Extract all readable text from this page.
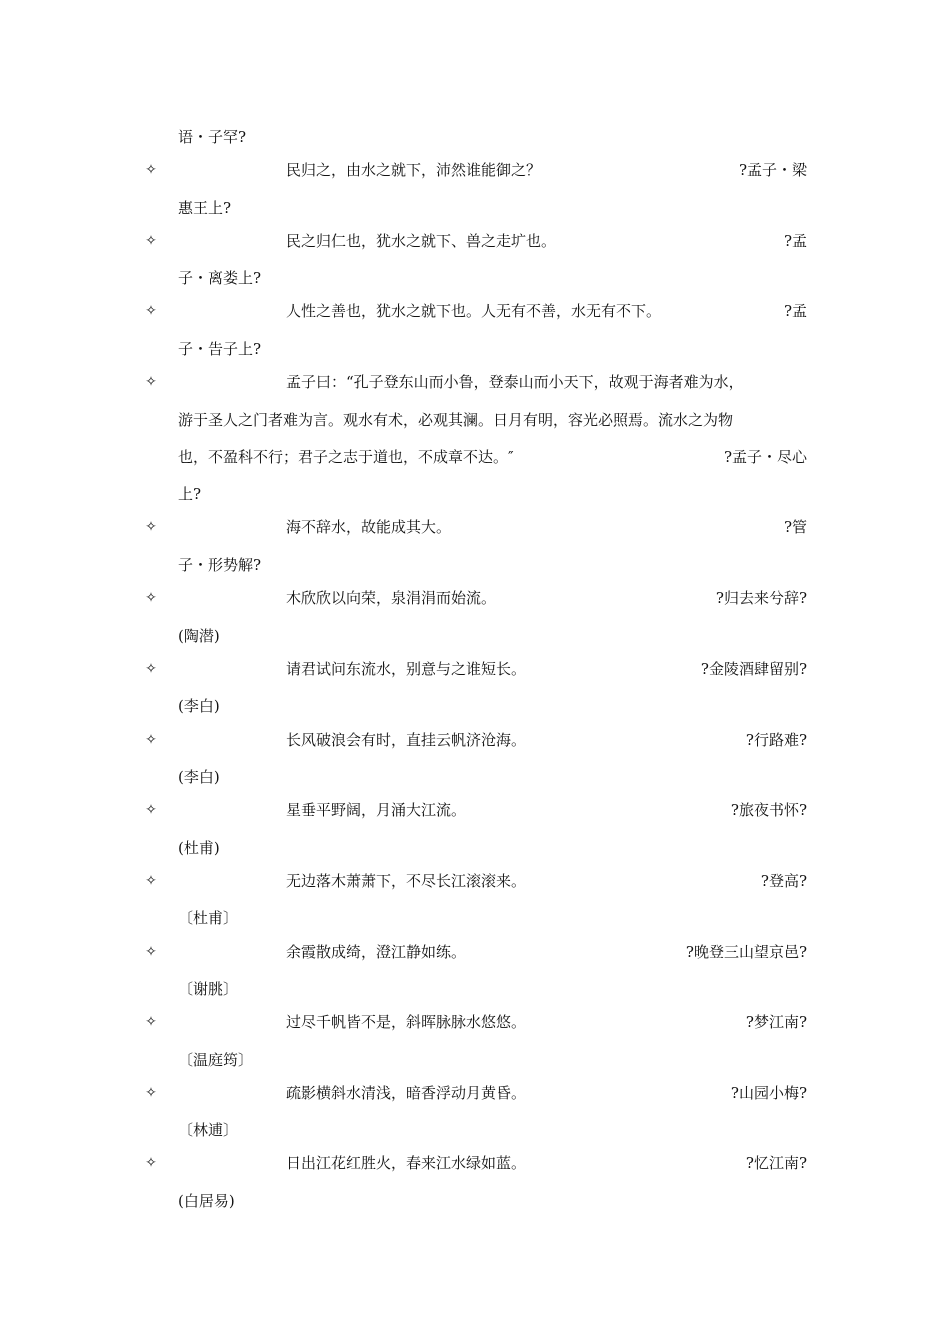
语・子罕?
✧	民归之，由水之就下，沛然谁能御之？	?孟子・梁
惠王上?
✧	民之归仁也，犹水之就下、兽之走圹也。	?孟
子・离娄上?
✧	人性之善也，犹水之就下也。人无有不善，水无有不下。	?孟
子・告子上?
✧	孟子曰：“孔子登东山而小鲁，登泰山而小天下，故观于海者难为水，
游于圣人之门者难为言。观水有术，必观其澜。日月有明，容光必照焉。流水之为物
也，不盈科不行；君子之志于道也，不成章不达。″	?孟子・尽心
上?
✧	海不辞水，故能成其大。	?管
子・形势解?
✧	木欣欣以向荣，泉涓涓而始流。	?归去来兮辞?
(陶潜)
✧	请君试问东流水，别意与之谁短长。	?金陵酒肆留别?
(李白)
✧	长风破浪会有时，直挂云帆济沧海。	?行路难?
(李白)
✧	星垂平野阔，月涌大江流。	?旅夜书怀?
(杜甫)
✧	无边落木萧萧下，不尽长江滚滚来。	?登高?
〔杜甫〕
✧	余霞散成绮，澄江静如练。	?晚登三山望京邑?
〔谢朓〕
✧	过尽千帆皆不是，斜晖脉脉水悠悠。	?梦江南?
〔温庭筠〕
✧	疏影横斜水清浅，暗香浮动月黄昏。	?山园小梅?
〔林逋〕
✧	日出江花红胜火，春来江水绿如蓝。	?忆江南?
(白居易)
